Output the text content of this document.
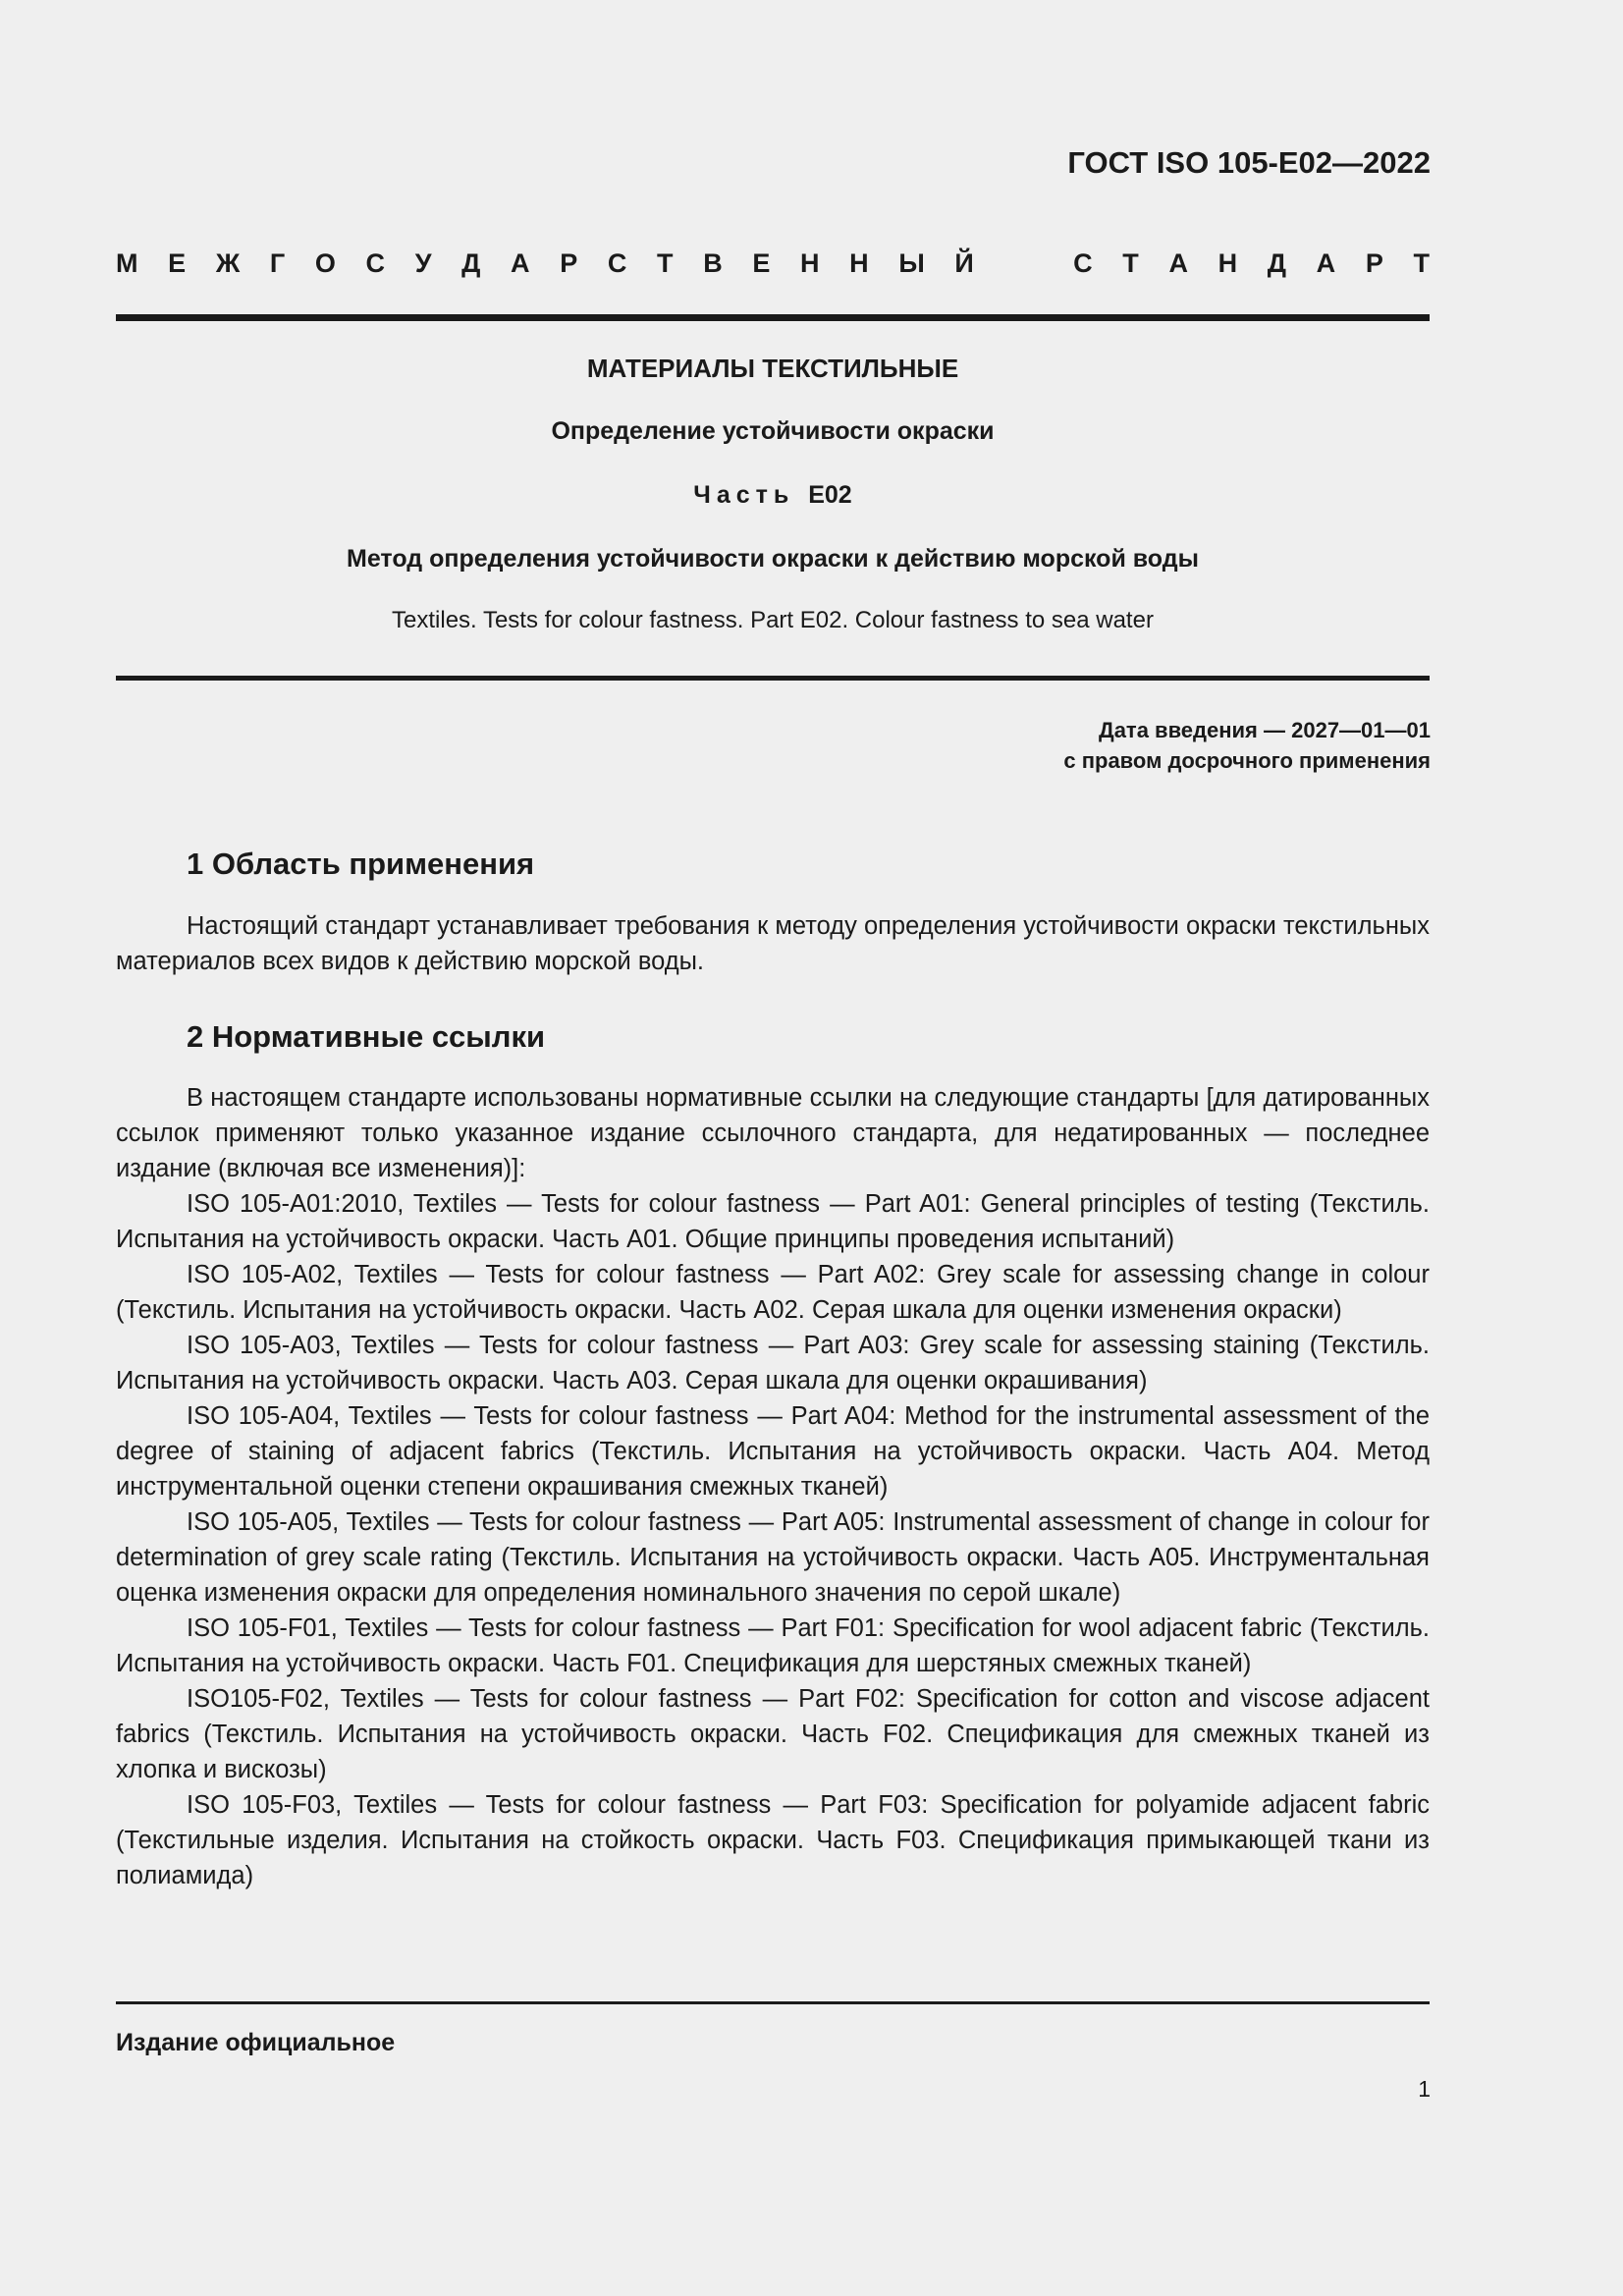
ГОСТ ISO 105-E02—2022
М Е Ж Г О С У Д А Р С Т В Е Н Н Ы Й	С Т А Н Д А Р Т
МАТЕРИАЛЫ ТЕКСТИЛЬНЫЕ
Определение устойчивости окраски
Часть E02
Метод определения устойчивости окраски к действию морской воды
Textiles. Tests for colour fastness. Part E02. Colour fastness to sea water
Дата введения — 2027—01—01
с правом досрочного применения
1 Область применения

Настоящий стандарт устанавливает требования к методу определения устойчивости окраски текстильных материалов всех видов к действию морской воды.

2 Нормативные ссылки

В настоящем стандарте использованы нормативные ссылки на следующие стандарты [для датированных ссылок применяют только указанное издание ссылочного стандарта, для недатированных — последнее издание (включая все изменения)]:

ISO 105-A01:2010, Textiles — Tests for colour fastness — Part A01: General principles of testing (Текстиль. Испытания на устойчивость окраски. Часть A01. Общие принципы проведения испытаний)

ISO 105-A02, Textiles — Tests for colour fastness — Part A02: Grey scale for assessing change in colour (Текстиль. Испытания на устойчивость окраски. Часть A02. Серая шкала для оценки изменения окраски)

ISO 105-A03, Textiles — Tests for colour fastness — Part A03: Grey scale for assessing staining (Текстиль. Испытания на устойчивость окраски. Часть A03. Серая шкала для оценки окрашивания)

ISO 105-A04, Textiles — Tests for colour fastness — Part A04: Method for the instrumental assessment of the degree of staining of adjacent fabrics (Текстиль. Испытания на устойчивость окраски. Часть A04. Метод инструментальной оценки степени окрашивания смежных тканей)

ISO 105-A05, Textiles — Tests for colour fastness — Part A05: Instrumental assessment of change in colour for determination of grey scale rating (Текстиль. Испытания на устойчивость окраски. Часть A05. Инструментальная оценка изменения окраски для определения номинального значения по серой шкале)

ISO 105-F01, Textiles — Tests for colour fastness — Part F01: Specification for wool adjacent fabric (Текстиль. Испытания на устойчивость окраски. Часть F01. Спецификация для шерстяных смежных тканей)

ISO105-F02, Textiles — Tests for colour fastness — Part F02: Specification for cotton and viscose adjacent fabrics (Текстиль. Испытания на устойчивость окраски. Часть F02. Спецификация для смежных тканей из хлопка и вискозы)

ISO 105-F03, Textiles — Tests for colour fastness — Part F03: Specification for polyamide adjacent fabric (Текстильные изделия. Испытания на стойкость окраски. Часть F03. Спецификация примыкающей ткани из полиамида)

Издание официальное
1
